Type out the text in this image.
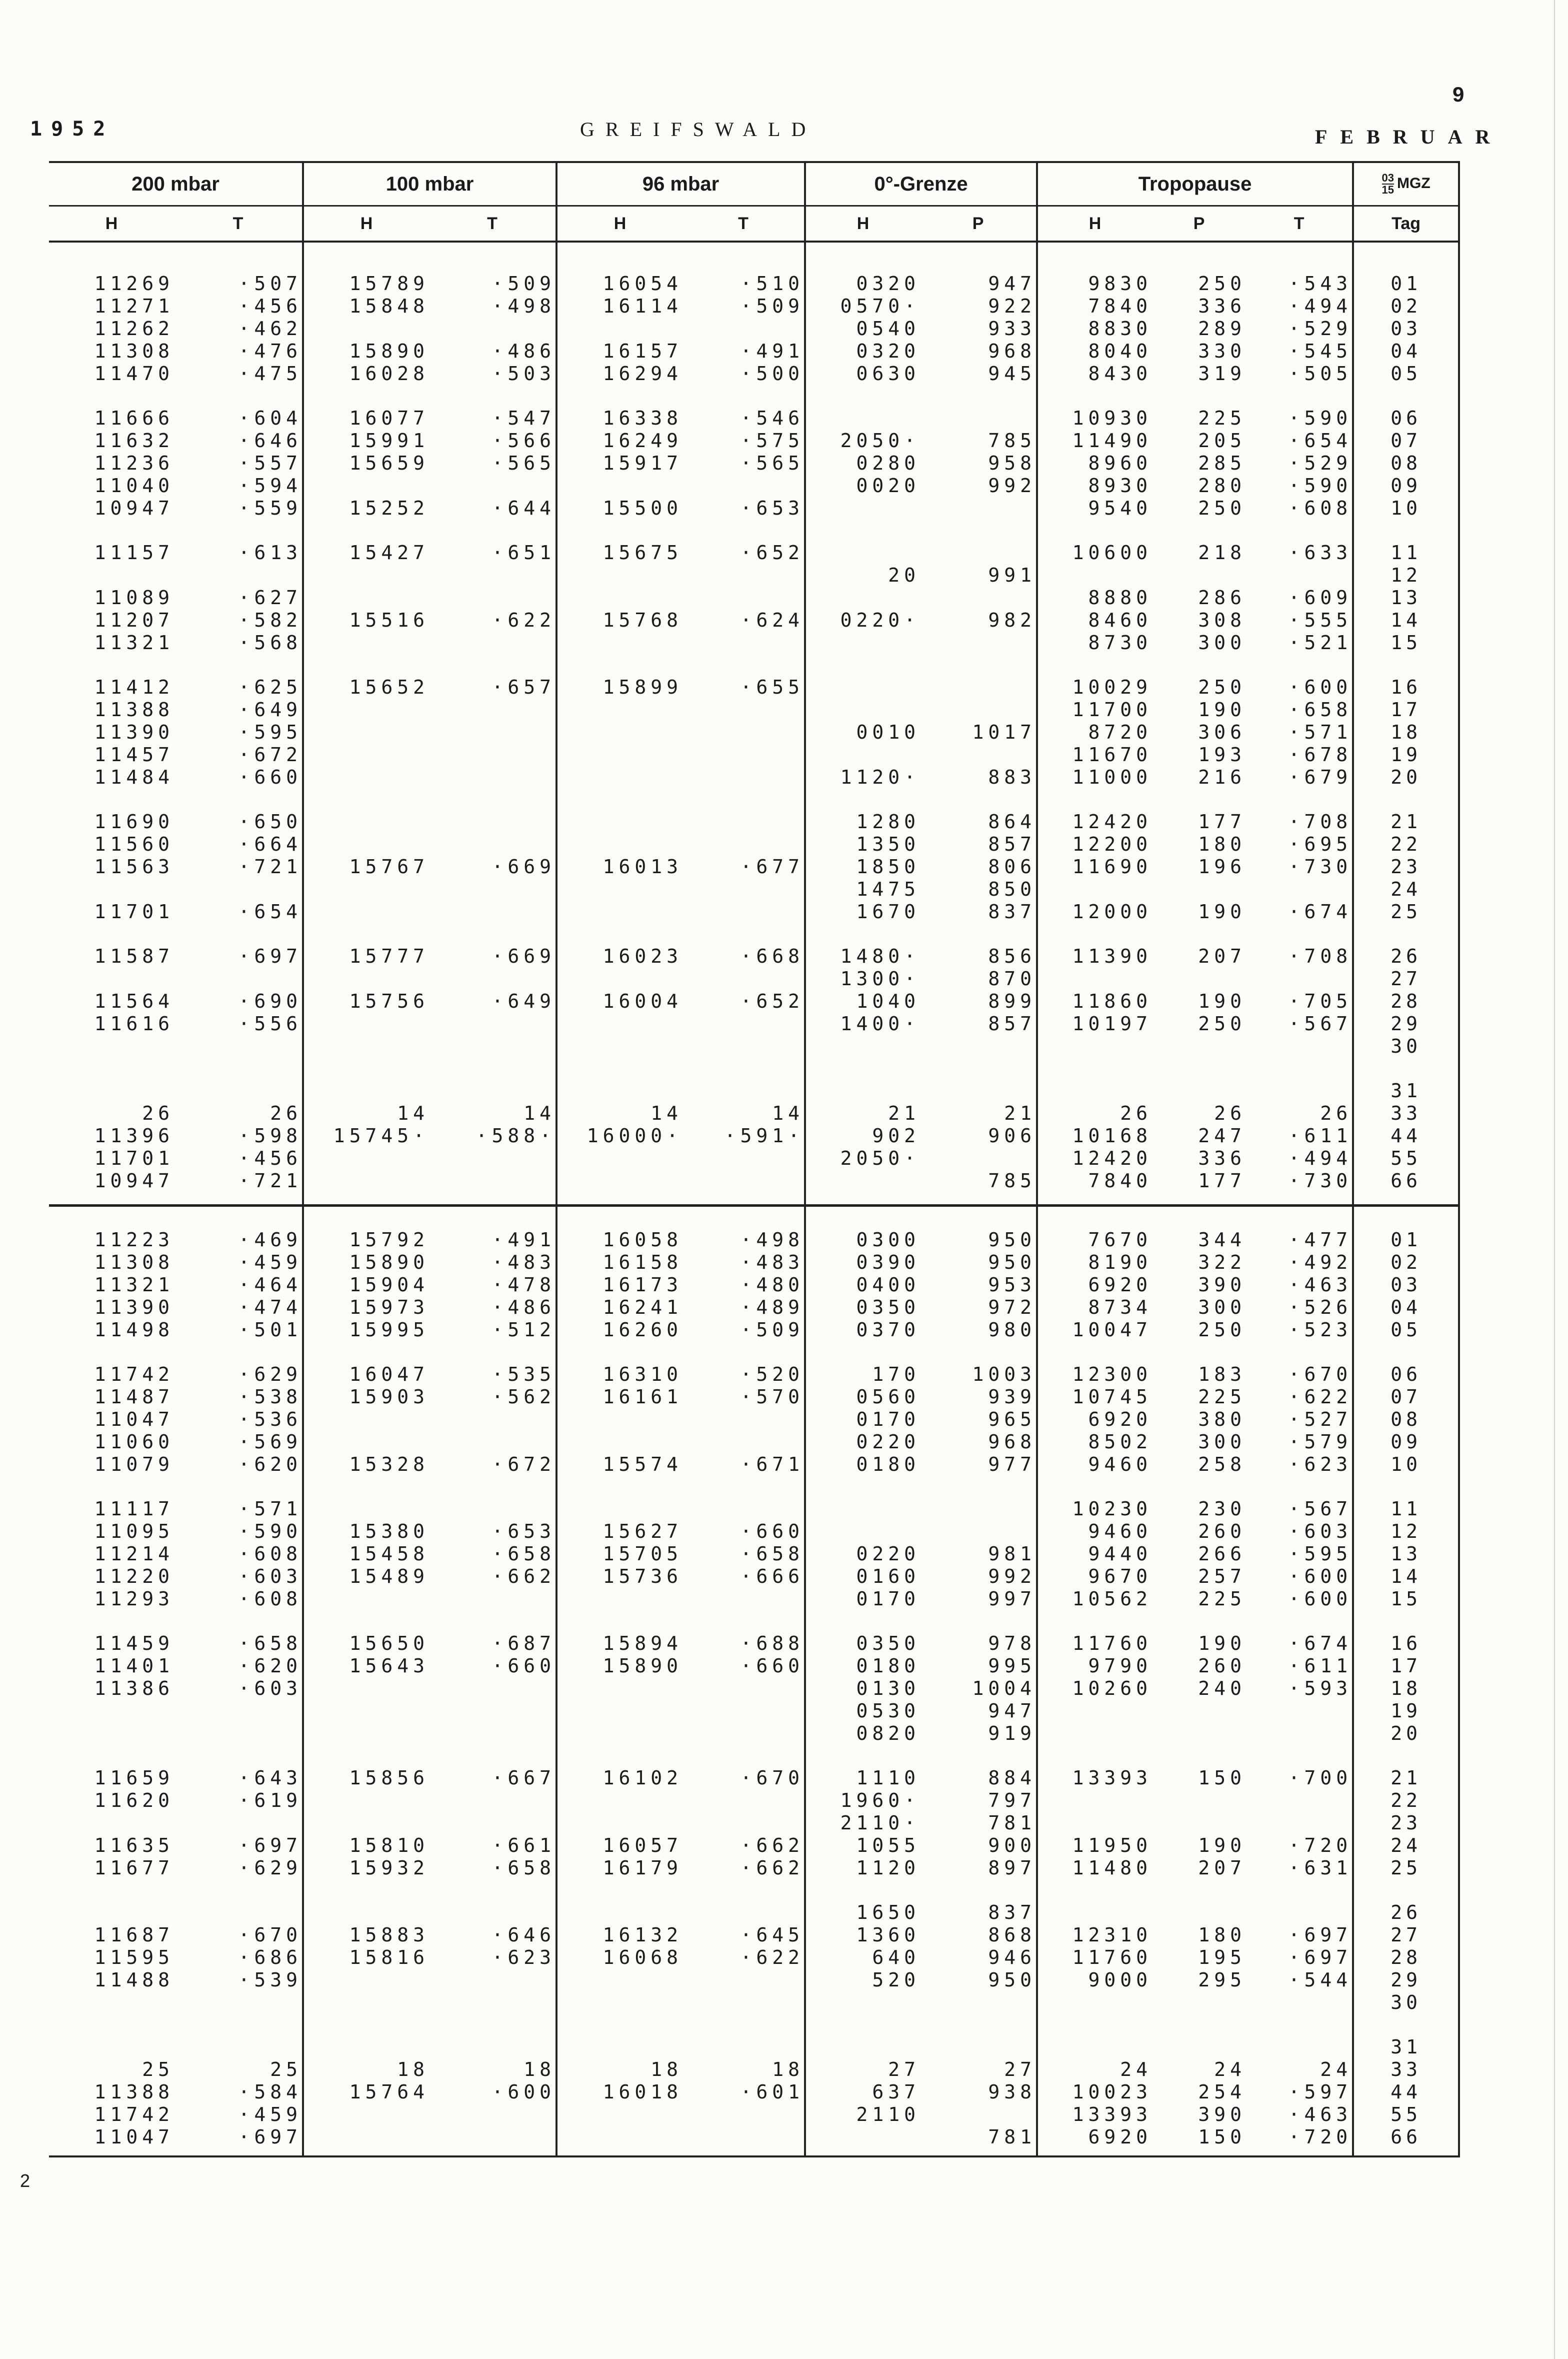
9
1952	GREIFSWALD	FEBRUAR
2
200 mbar		100 mbar		96 mbar		0°-Grenze		Tropopause			$\frac{03}{15}$ MGZ
H	T	H	T	H	T	H	P	H	P	T	Tag

11269	·507	15789	·509	16054	·510	0320	947	9830	250	·543	01
11271	·456	15848	·498	16114	·509	0570·	922	7840	336	·494	02
11262	·462					0540	933	8830	289	·529	03
11308	·476	15890	·486	16157	·491	0320	968	8040	330	·545	04
11470	·475	16028	·503	16294	·500	0630	945	8430	319	·505	05

11666	·604	16077	·547	16338	·546			10930	225	·590	06
11632	·646	15991	·566	16249	·575	2050·	785	11490	205	·654	07
11236	·557	15659	·565	15917	·565	0280	958	8960	285	·529	08
11040	·594					0020	992	8930	280	·590	09
10947	·559	15252	·644	15500	·653			9540	250	·608	10

11157	·613	15427	·651	15675	·652			10600	218	·633	11
						20	991				12
11089	·627							8880	286	·609	13
11207	·582	15516	·622	15768	·624	0220·	982	8460	308	·555	14
11321	·568							8730	300	·521	15

11412	·625	15652	·657	15899	·655			10029	250	·600	16
11388	·649							11700	190	·658	17
11390	·595					0010	1017	8720	306	·571	18
11457	·672							11670	193	·678	19
11484	·660					1120·	883	11000	216	·679	20

11690	·650					1280	864	12420	177	·708	21
11560	·664					1350	857	12200	180	·695	22
11563	·721	15767	·669	16013	·677	1850	806	11690	196	·730	23
						1475	850				24
11701	·654					1670	837	12000	190	·674	25

11587	·697	15777	·669	16023	·668	1480·	856	11390	207	·708	26
						1300·	870				27
11564	·690	15756	·649	16004	·652	1040	899	11860	190	·705	28
11616	·556					1400·	857	10197	250	·567	29
											30

											31
26	26	14	14	14	14	21	21	26	26	26	33
11396	·598	15745·	·588·	16000·	·591·	902	906	10168	247	·611	44
11701	·456					2050·		12420	336	·494	55
10947	·721						785	7840	177	·730	66

11223	·469	15792	·491	16058	·498	0300	950	7670	344	·477	01
11308	·459	15890	·483	16158	·483	0390	950	8190	322	·492	02
11321	·464	15904	·478	16173	·480	0400	953	6920	390	·463	03
11390	·474	15973	·486	16241	·489	0350	972	8734	300	·526	04
11498	·501	15995	·512	16260	·509	0370	980	10047	250	·523	05

11742	·629	16047	·535	16310	·520	170	1003	12300	183	·670	06
11487	·538	15903	·562	16161	·570	0560	939	10745	225	·622	07
11047	·536					0170	965	6920	380	·527	08
11060	·569					0220	968	8502	300	·579	09
11079	·620	15328	·672	15574	·671	0180	977	9460	258	·623	10

11117	·571							10230	230	·567	11
11095	·590	15380	·653	15627	·660			9460	260	·603	12
11214	·608	15458	·658	15705	·658	0220	981	9440	266	·595	13
11220	·603	15489	·662	15736	·666	0160	992	9670	257	·600	14
11293	·608					0170	997	10562	225	·600	15

11459	·658	15650	·687	15894	·688	0350	978	11760	190	·674	16
11401	·620	15643	·660	15890	·660	0180	995	9790	260	·611	17
11386	·603					0130	1004	10260	240	·593	18
						0530	947				19
						0820	919				20

11659	·643	15856	·667	16102	·670	1110	884	13393	150	·700	21
11620	·619					1960·	797				22
						2110·	781				23
11635	·697	15810	·661	16057	·662	1055	900	11950	190	·720	24
11677	·629	15932	·658	16179	·662	1120	897	11480	207	·631	25

						1650	837				26
11687	·670	15883	·646	16132	·645	1360	868	12310	180	·697	27
11595	·686	15816	·623	16068	·622	640	946	11760	195	·697	28
11488	·539					520	950	9000	295	·544	29
											30

											31
25	25	18	18	18	18	27	27	24	24	24	33
11388	·584	15764	·600	16018	·601	637	938	10023	254	·597	44
11742	·459					2110		13393	390	·463	55
11047	·697						781	6920	150	·720	66
